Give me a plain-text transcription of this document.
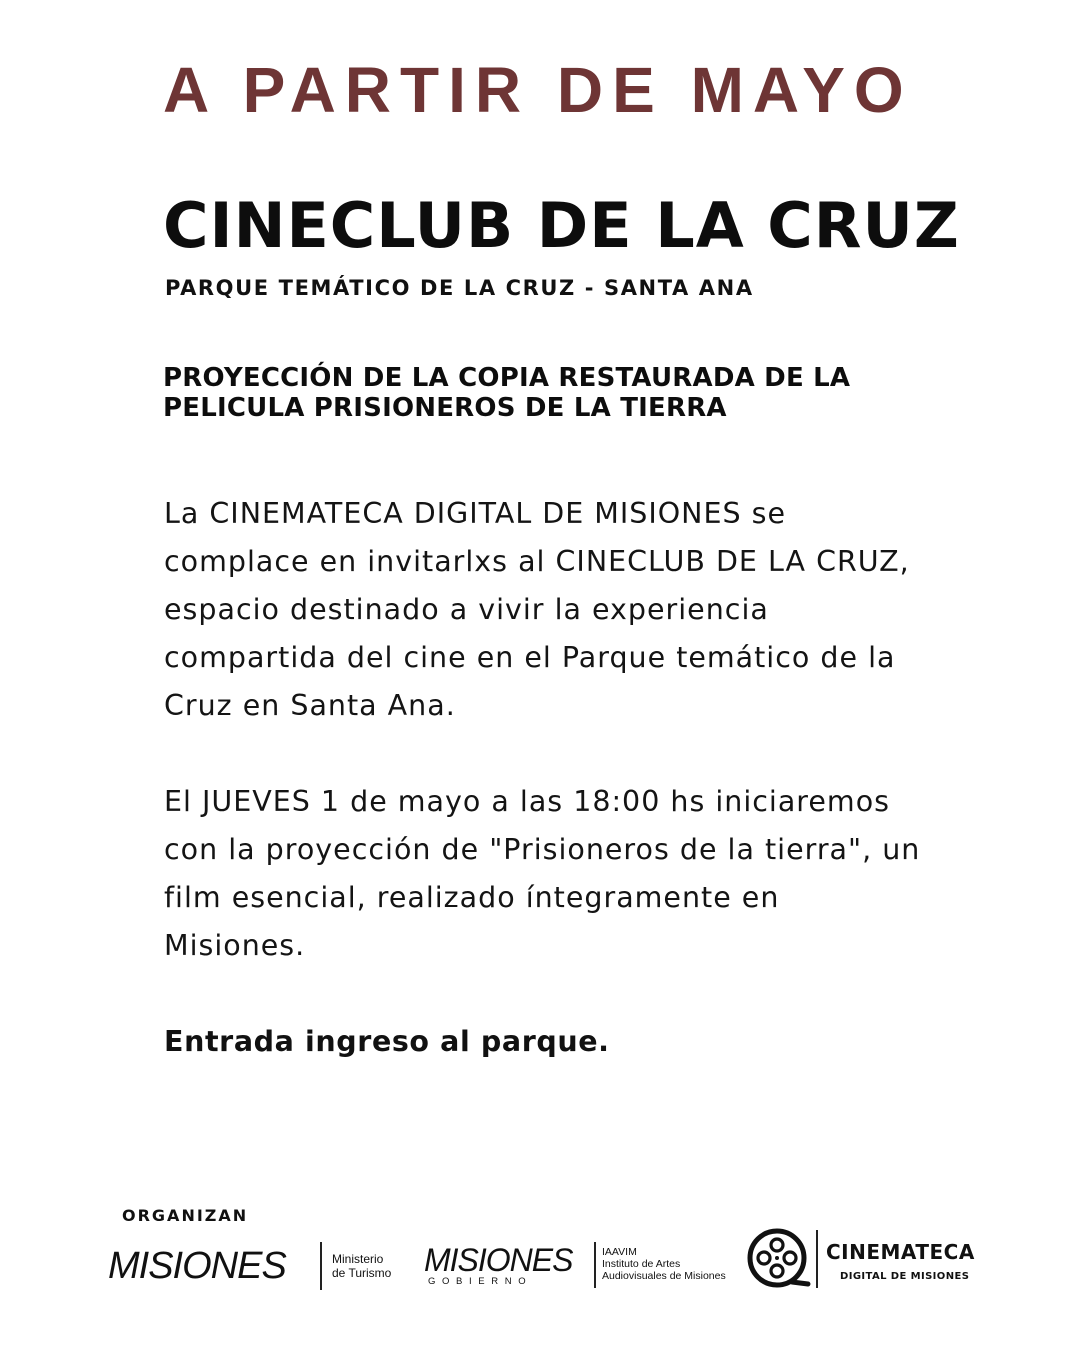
A PARTIR DE MAYO
CINECLUB DE LA CRUZ
PARQUE TEMÁTICO DE LA CRUZ - SANTA ANA
PROYECCIÓN DE LA COPIA RESTAURADA DE LA PELICULA PRISIONEROS DE LA TIERRA
La CINEMATECA DIGITAL DE MISIONES se complace en invitarlxs al CINECLUB DE LA CRUZ, espacio destinado a vivir la experiencia compartida del cine en el Parque temático de la Cruz en Santa Ana.
El JUEVES 1 de mayo a las 18:00 hs iniciaremos con la proyección de "Prisioneros de la tierra", un film esencial, realizado íntegramente en Misiones.
Entrada ingreso al parque.
ORGANIZAN
MISIONES	Ministerio
de Turismo MISIONES
G O B I E R N O
IAAVIM
Instituto de Artes
Audiovisuales de Misiones
CINEMATECA
DIGITAL DE MISIONES
